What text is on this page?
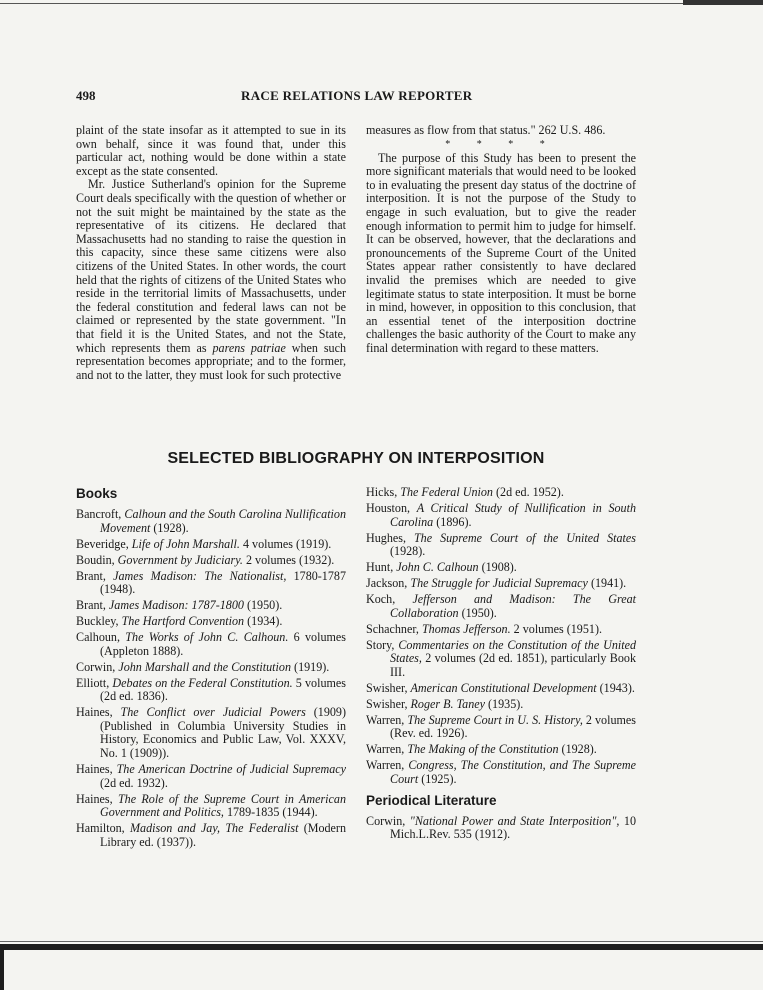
498	RACE RELATIONS LAW REPORTER

plaint of the state insofar as it attempted to sue in its own behalf, since it was found that, under this particular act, nothing would be done within a state except as the state consented.

Mr. Justice Sutherland's opinion for the Supreme Court deals specifically with the question of whether or not the suit might be maintained by the state as the representative of its citizens. He declared that Massachusetts had no standing to raise the question in this capacity, since these same citizens were also citizens of the United States. In other words, the court held that the rights of citizens of the United States who reside in the territorial limits of Massachusetts, under the federal constitution and federal laws can not be claimed or represented by the state government. "In that field it is the United States, and not the State, which represents them as parens patriae when such representation becomes appropriate; and to the former, and not to the latter, they must look for such protective

measures as flow from that status." 262 U.S. 486.

* * * *

The purpose of this Study has been to present the more significant materials that would need to be looked to in evaluating the present day status of the doctrine of interposition. It is not the purpose of the Study to engage in such evaluation, but to give the reader enough information to permit him to judge for himself. It can be observed, however, that the declarations and pronouncements of the Supreme Court of the United States appear rather consistently to have declared invalid the premises which are needed to give legitimate status to state interposition. It must be borne in mind, however, in opposition to this conclusion, that an essential tenet of the interposition doctrine challenges the basic authority of the Court to make any final determination with regard to these matters.

SELECTED BIBLIOGRAPHY ON INTERPOSITION
Books
Bancroft, Calhoun and the South Carolina Nullification Movement (1928).
Beveridge, Life of John Marshall. 4 volumes (1919).
Boudin, Government by Judiciary. 2 volumes (1932).
Brant, James Madison: The Nationalist, 1780-1787 (1948).
Brant, James Madison: 1787-1800 (1950).
Buckley, The Hartford Convention (1934).
Calhoun, The Works of John C. Calhoun. 6 volumes (Appleton 1888).
Corwin, John Marshall and the Constitution (1919).
Elliott, Debates on the Federal Constitution. 5 volumes (2d ed. 1836).
Haines, The Conflict over Judicial Powers (1909) (Published in Columbia University Studies in History, Economics and Public Law, Vol. XXXV, No. 1 (1909)).
Haines, The American Doctrine of Judicial Supremacy (2d ed. 1932).
Haines, The Role of the Supreme Court in American Government and Politics, 1789-1835 (1944).
Hamilton, Madison and Jay, The Federalist (Modern Library ed. (1937)).
Hicks, The Federal Union (2d ed. 1952).
Houston, A Critical Study of Nullification in South Carolina (1896).
Hughes, The Supreme Court of the United States (1928).
Hunt, John C. Calhoun (1908).
Jackson, The Struggle for Judicial Supremacy (1941).
Koch, Jefferson and Madison: The Great Collaboration (1950).
Schachner, Thomas Jefferson. 2 volumes (1951).
Story, Commentaries on the Constitution of the United States, 2 volumes (2d ed. 1851), particularly Book III.
Swisher, American Constitutional Development (1943).
Swisher, Roger B. Taney (1935).
Warren, The Supreme Court in U. S. History, 2 volumes (Rev. ed. 1926).
Warren, The Making of the Constitution (1928).
Warren, Congress, The Constitution, and The Supreme Court (1925).
Periodical Literature
Corwin, "National Power and State Interposition", 10 Mich.L.Rev. 535 (1912).
